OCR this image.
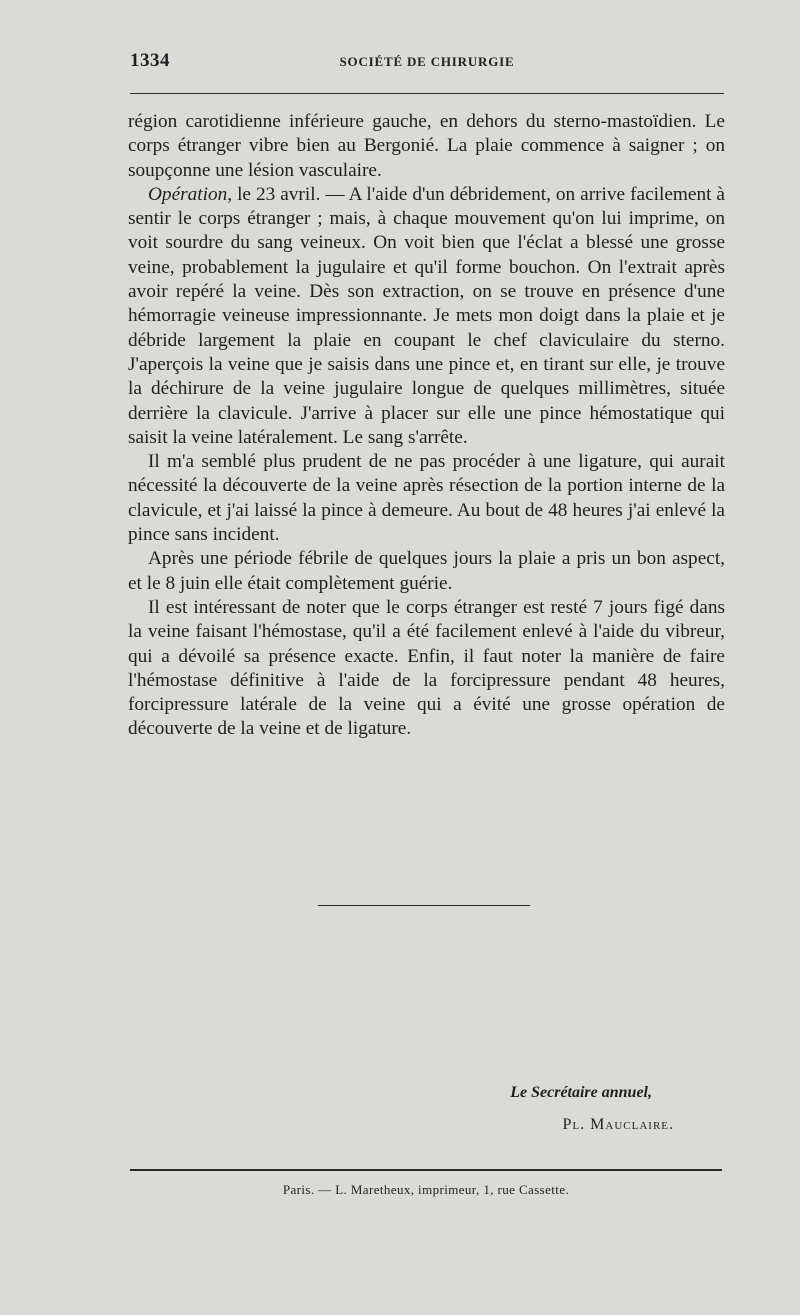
1334	SOCIÉTÉ DE CHIRURGIE

région carotidienne inférieure gauche, en dehors du sterno-mastoïdien. Le corps étranger vibre bien au Bergonié. La plaie commence à saigner ; on soupçonne une lésion vasculaire.

Opération, le 23 avril. — A l'aide d'un débridement, on arrive facilement à sentir le corps étranger ; mais, à chaque mouvement qu'on lui imprime, on voit sourdre du sang veineux. On voit bien que l'éclat a blessé une grosse veine, probablement la jugulaire et qu'il forme bouchon. On l'extrait après avoir repéré la veine. Dès son extraction, on se trouve en présence d'une hémorragie veineuse impressionnante. Je mets mon doigt dans la plaie et je débride largement la plaie en coupant le chef claviculaire du sterno. J'aperçois la veine que je saisis dans une pince et, en tirant sur elle, je trouve la déchirure de la veine jugulaire longue de quelques millimètres, située derrière la clavicule. J'arrive à placer sur elle une pince hémostatique qui saisit la veine latéralement. Le sang s'arrête.

Il m'a semblé plus prudent de ne pas procéder à une ligature, qui aurait nécessité la découverte de la veine après résection de la portion interne de la clavicule, et j'ai laissé la pince à demeure. Au bout de 48 heures j'ai enlevé la pince sans incident.

Après une période fébrile de quelques jours la plaie a pris un bon aspect, et le 8 juin elle était complètement guérie.

Il est intéressant de noter que le corps étranger est resté 7 jours figé dans la veine faisant l'hémostase, qu'il a été facilement enlevé à l'aide du vibreur, qui a dévoilé sa présence exacte. Enfin, il faut noter la manière de faire l'hémostase définitive à l'aide de la forcipressure pendant 48 heures, forcipressure latérale de la veine qui a évité une grosse opération de découverte de la veine et de ligature.

Le Secrétaire annuel,
Pl. Mauclaire.
Paris. — L. Maretheux, imprimeur, 1, rue Cassette.
